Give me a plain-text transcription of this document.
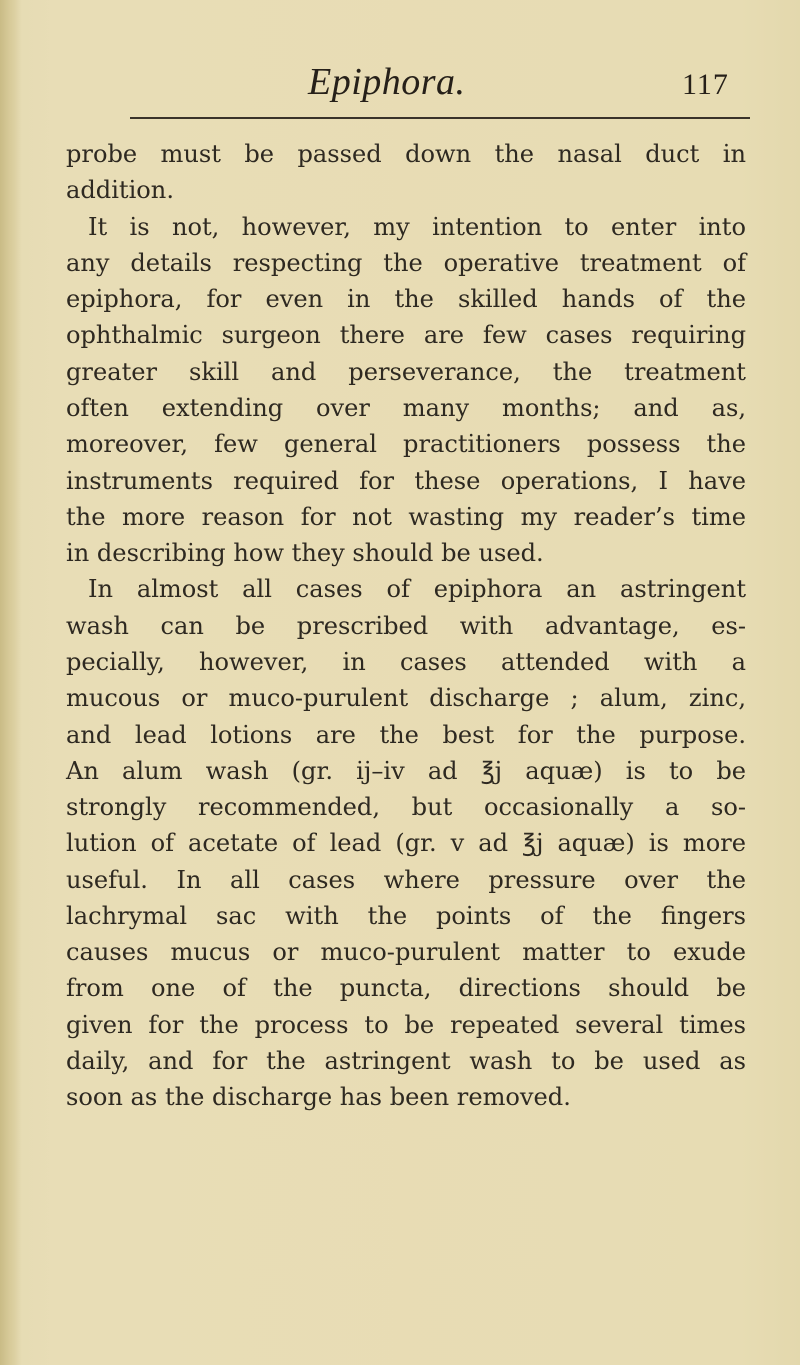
Epiphora.	117

probe must be passed down the nasal duct in

addition.

It is not, however, my intention to enter into

any details respecting the operative treatment of

epiphora, for even in the skilled hands of the

ophthalmic surgeon there are few cases requiring

greater skill and perseverance, the treatment

often extending over many months; and as,

moreover, few general practitioners possess the

instruments required for these operations, I have

the more reason for not wasting my reader’s time

in describing how they should be used.

In almost all cases of epiphora an astringent

wash can be prescribed with advantage, es-

pecially, however, in cases attended with a

mucous or muco-purulent discharge ; alum, zinc,

and lead lotions are the best for the purpose.

An alum wash (gr. ij–iv ad ℥j aquæ) is to be

strongly recommended, but occasionally a so-

lution of acetate of lead (gr. v ad ℥j aquæ) is more

useful. In all cases where pressure over the

lachrymal sac with the points of the fingers

causes mucus or muco-purulent matter to exude

from one of the puncta, directions should be

given for the process to be repeated several times

daily, and for the astringent wash to be used as

soon as the discharge has been removed.
